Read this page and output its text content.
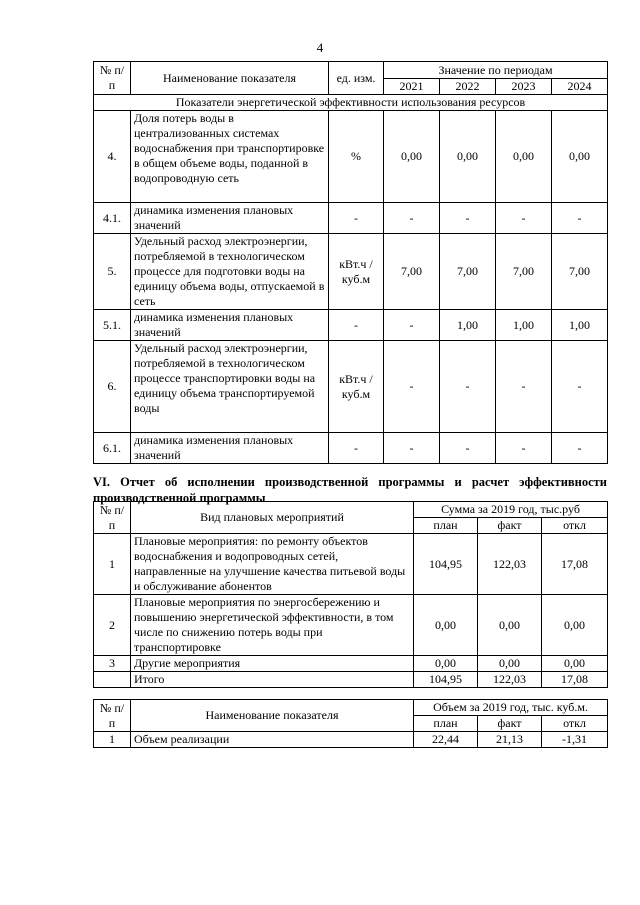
4
№ п/п	Наименование показателя	ед. изм.	Значение по периодам			
			2021	2022	2023	2024
Показатели энергетической эффективности использования ресурсов						
4.	Доля потерь воды в централизованных системах водоснабжения при транспортировке в общем объеме воды, поданной в водопроводную сеть	%	0,00	0,00	0,00	0,00
4.1.	динамика изменения плановых значений	-	-	-	-	-
5.	Удельный расход электроэнергии, потребляемой в технологическом процессе для подготовки воды на единицу объема воды, отпускаемой в сеть	кВт.ч / куб.м	7,00	7,00	7,00	7,00
5.1.	динамика изменения плановых значений	-	-	1,00	1,00	1,00
6.	Удельный расход электроэнергии, потребляемой в технологическом процессе транспортировки воды на единицу объема транспортируемой воды	кВт.ч / куб.м	-	-	-	-
6.1.	динамика изменения плановых значений	-	-	-	-	-
VI. Отчет об исполнении производственной программы и расчет эффективности производственной программы
№ п/п	Вид плановых мероприятий	Сумма за 2019 год, тыс.руб		
		план	факт	откл
1	Плановые мероприятия: по ремонту объектов водоснабжения и водопроводных сетей, направленные на улучшение качества питьевой воды и обслуживание абонентов	104,95	122,03	17,08
2	Плановые мероприятия по энергосбережению и повышению энергетической эффективности, в том числе по снижению потерь воды при транспортировке	0,00	0,00	0,00
3	Другие мероприятия	0,00	0,00	0,00
	Итого	104,95	122,03	17,08
№ п/п	Наименование показателя	Объем за 2019 год, тыс. куб.м.		
		план	факт	откл
1	Объем реализации	22,44	21,13	-1,31
